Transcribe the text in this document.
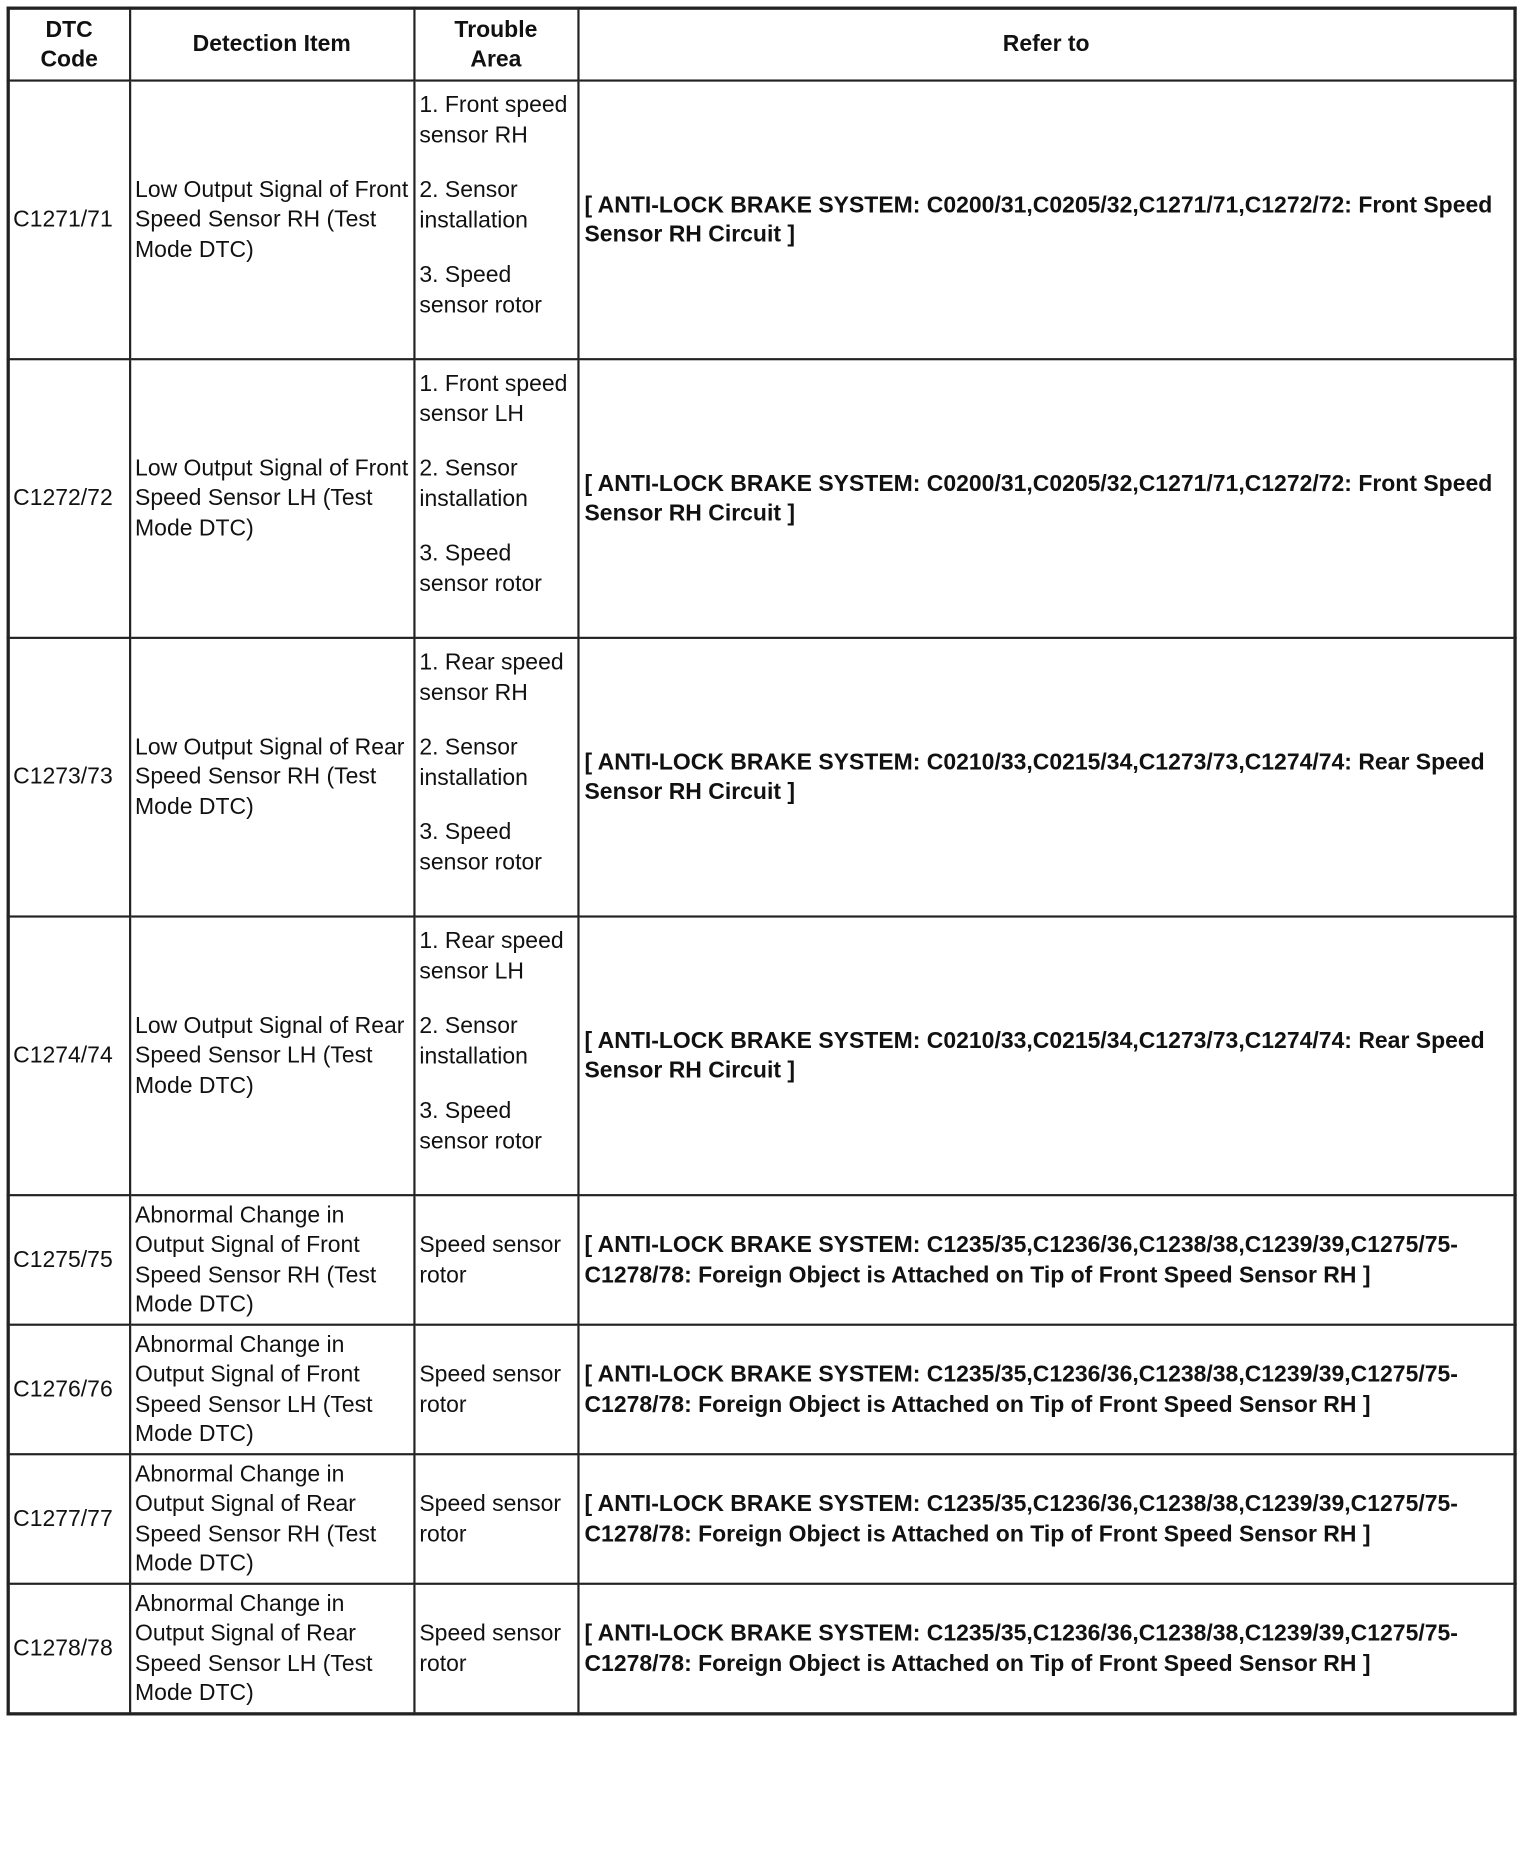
DTC Code	Detection Item	Trouble Area	Refer to
C1271/71	Low Output Signal of Front Speed Sensor RH (Test Mode DTC)	1. Front speed sensor RH
2. Sensor installation
3. Speed sensor rotor	[ ANTI-LOCK BRAKE SYSTEM: C0200/31,C0205/32,C1271/71,C1272/72: Front Speed Sensor RH Circuit ]
C1272/72	Low Output Signal of Front Speed Sensor LH (Test Mode DTC)	1. Front speed sensor LH
2. Sensor installation
3. Speed sensor rotor	[ ANTI-LOCK BRAKE SYSTEM: C0200/31,C0205/32,C1271/71,C1272/72: Front Speed Sensor RH Circuit ]
C1273/73	Low Output Signal of Rear Speed Sensor RH (Test Mode DTC)	1. Rear speed sensor RH
2. Sensor installation
3. Speed sensor rotor	[ ANTI-LOCK BRAKE SYSTEM: C0210/33,C0215/34,C1273/73,C1274/74: Rear Speed Sensor RH Circuit ]
C1274/74	Low Output Signal of Rear Speed Sensor LH (Test Mode DTC)	1. Rear speed sensor LH
2. Sensor installation
3. Speed sensor rotor	[ ANTI-LOCK BRAKE SYSTEM: C0210/33,C0215/34,C1273/73,C1274/74: Rear Speed Sensor RH Circuit ]
C1275/75	Abnormal Change in Output Signal of Front Speed Sensor RH (Test Mode DTC)	Speed sensor rotor	[ ANTI-LOCK BRAKE SYSTEM: C1235/35,C1236/36,C1238/38,C1239/39,C1275/75-C1278/78: Foreign Object is Attached on Tip of Front Speed Sensor RH ]
C1276/76	Abnormal Change in Output Signal of Front Speed Sensor LH (Test Mode DTC)	Speed sensor rotor	[ ANTI-LOCK BRAKE SYSTEM: C1235/35,C1236/36,C1238/38,C1239/39,C1275/75-C1278/78: Foreign Object is Attached on Tip of Front Speed Sensor RH ]
C1277/77	Abnormal Change in Output Signal of Rear Speed Sensor RH (Test Mode DTC)	Speed sensor rotor	[ ANTI-LOCK BRAKE SYSTEM: C1235/35,C1236/36,C1238/38,C1239/39,C1275/75-C1278/78: Foreign Object is Attached on Tip of Front Speed Sensor RH ]
C1278/78	Abnormal Change in Output Signal of Rear Speed Sensor LH (Test Mode DTC)	Speed sensor rotor	[ ANTI-LOCK BRAKE SYSTEM: C1235/35,C1236/36,C1238/38,C1239/39,C1275/75-C1278/78: Foreign Object is Attached on Tip of Front Speed Sensor RH ]
